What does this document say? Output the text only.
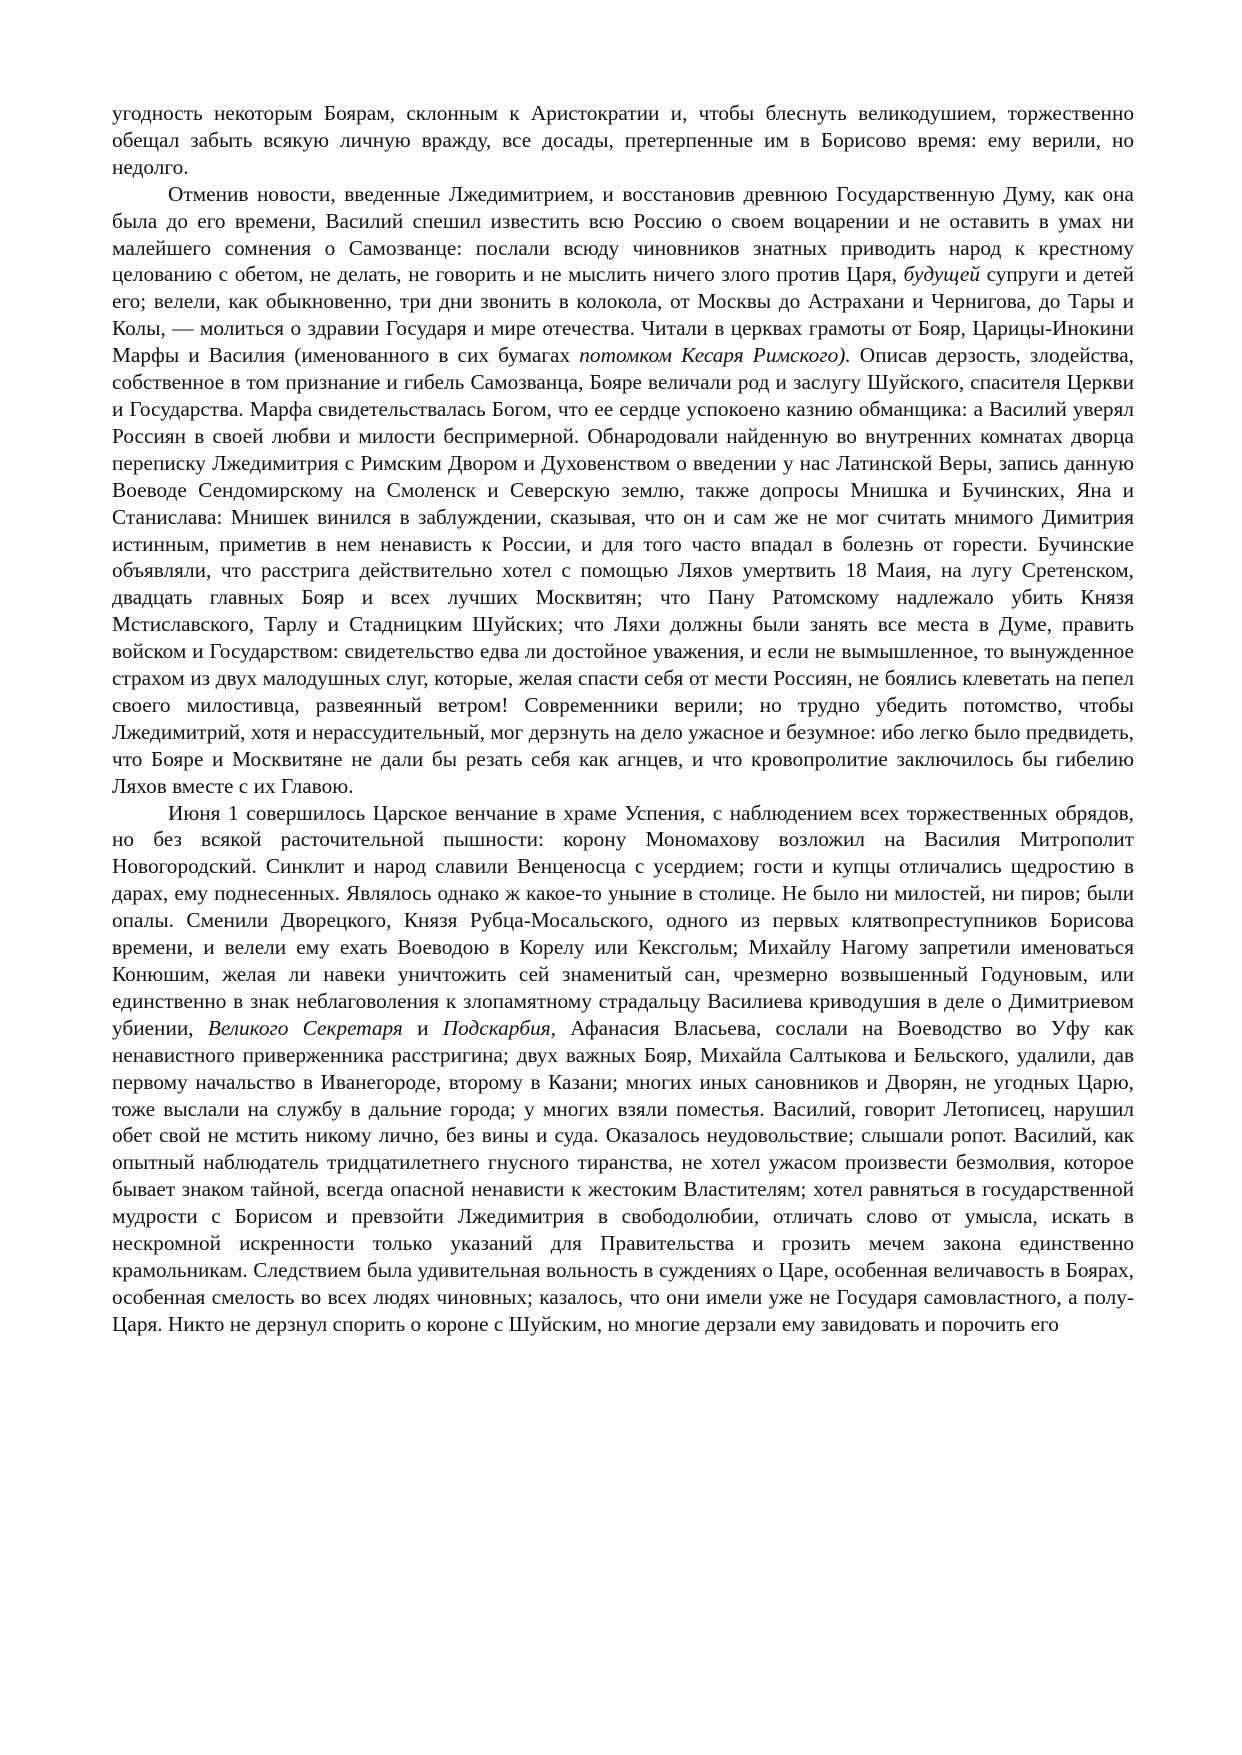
угодность некоторым Боярам, склонным к Аристократии и, чтобы блеснуть великодушием, торжественно обещал забыть всякую личную вражду, все досады, претерпенные им в Борисово время: ему верили, но недолго.

Отменив новости, введенные Лжедимитрием, и восстановив древнюю Государственную Думу, как она была до его времени, Василий спешил известить всю Россию о своем воцарении и не оставить в умах ни малейшего сомнения о Самозванце: послали всюду чиновников знатных приводить народ к крестному целованию с обетом, не делать, не говорить и не мыслить ничего злого против Царя, будущей супруги и детей его; велели, как обыкновенно, три дни звонить в колокола, от Москвы до Астрахани и Чернигова, до Тары и Колы, — молиться о здравии Государя и мире отечества. Читали в церквах грамоты от Бояр, Царицы-Инокини Марфы и Василия (именованного в сих бумагах потомком Кесаря Римского). Описав дерзость, злодейства, собственное в том признание и гибель Самозванца, Бояре величали род и заслугу Шуйского, спасителя Церкви и Государства. Марфа свидетельствалась Богом, что ее сердце успокоено казнию обманщика: а Василий уверял Россиян в своей любви и милости беспримерной. Обнародовали найденную во внутренних комнатах дворца переписку Лжедимитрия с Римским Двором и Духовенством о введении у нас Латинской Веры, запись данную Воеводе Сендомирскому на Смоленск и Северскую землю, также допросы Мнишка и Бучинских, Яна и Станислава: Мнишек винился в заблуждении, сказывая, что он и сам же не мог считать мнимого Димитрия истинным, приметив в нем ненависть к России, и для того часто впадал в болезнь от горести. Бучинские объявляли, что расстрига действительно хотел с помощью Ляхов умертвить 18 Маия, на лугу Сретенском, двадцать главных Бояр и всех лучших Москвитян; что Пану Ратомскому надлежало убить Князя Мстиславского, Тарлу и Стадницким Шуйских; что Ляхи должны были занять все места в Думе, править войском и Государством: свидетельство едва ли достойное уважения, и если не вымышленное, то вынужденное страхом из двух малодушных слуг, которые, желая спасти себя от мести Россиян, не боялись клеветать на пепел своего милостивца, развеянный ветром! Современники верили; но трудно убедить потомство, чтобы Лжедимитрий, хотя и нерассудительный, мог дерзнуть на дело ужасное и безумное: ибо легко было предвидеть, что Бояре и Москвитяне не дали бы резать себя как агнцев, и что кровопролитие заключилось бы гибелию Ляхов вместе с их Главою.

Июня 1 совершилось Царское венчание в храме Успения, с наблюдением всех торжественных обрядов, но без всякой расточительной пышности: корону Мономахову возложил на Василия Митрополит Новогородский. Синклит и народ славили Венценосца с усердием; гости и купцы отличались щедростию в дарах, ему поднесенных. Являлось однако ж какое-то уныние в столице. Не было ни милостей, ни пиров; были опалы. Сменили Дворецкого, Князя Рубца-Мосальского, одного из первых клятвопреступников Борисова времени, и велели ему ехать Воеводою в Корелу или Кексгольм; Михайлу Нагому запретили именоваться Конюшим, желая ли навеки уничтожить сей знаменитый сан, чрезмерно возвышенный Годуновым, или единственно в знак неблаговоления к злопамятному страдальцу Василиева криводушия в деле о Димитриевом убиении, Великого Секретаря и Подскарбия, Афанасия Власьева, сослали на Воеводство во Уфу как ненавистного приверженника расстригина; двух важных Бояр, Михайла Салтыкова и Бельского, удалили, дав первому начальство в Иванегороде, второму в Казани; многих иных сановников и Дворян, не угодных Царю, тоже выслали на службу в дальние города; у многих взяли поместья. Василий, говорит Летописец, нарушил обет свой не мстить никому лично, без вины и суда. Оказалось неудовольствие; слышали ропот. Василий, как опытный наблюдатель тридцатилетнего гнусного тиранства, не хотел ужасом произвести безмолвия, которое бывает знаком тайной, всегда опасной ненависти к жестоким Властителям; хотел равняться в государственной мудрости с Борисом и превзойти Лжедимитрия в свободолюбии, отличать слово от умысла, искать в нескромной искренности только указаний для Правительства и грозить мечем закона единственно крамольникам. Следствием была удивительная вольность в суждениях о Царе, особенная величавость в Боярах, особенная смелость во всех людях чиновных; казалось, что они имели уже не Государя самовластного, а полу-Царя. Никто не дерзнул спорить о короне с Шуйским, но многие дерзали ему завидовать и порочить его
